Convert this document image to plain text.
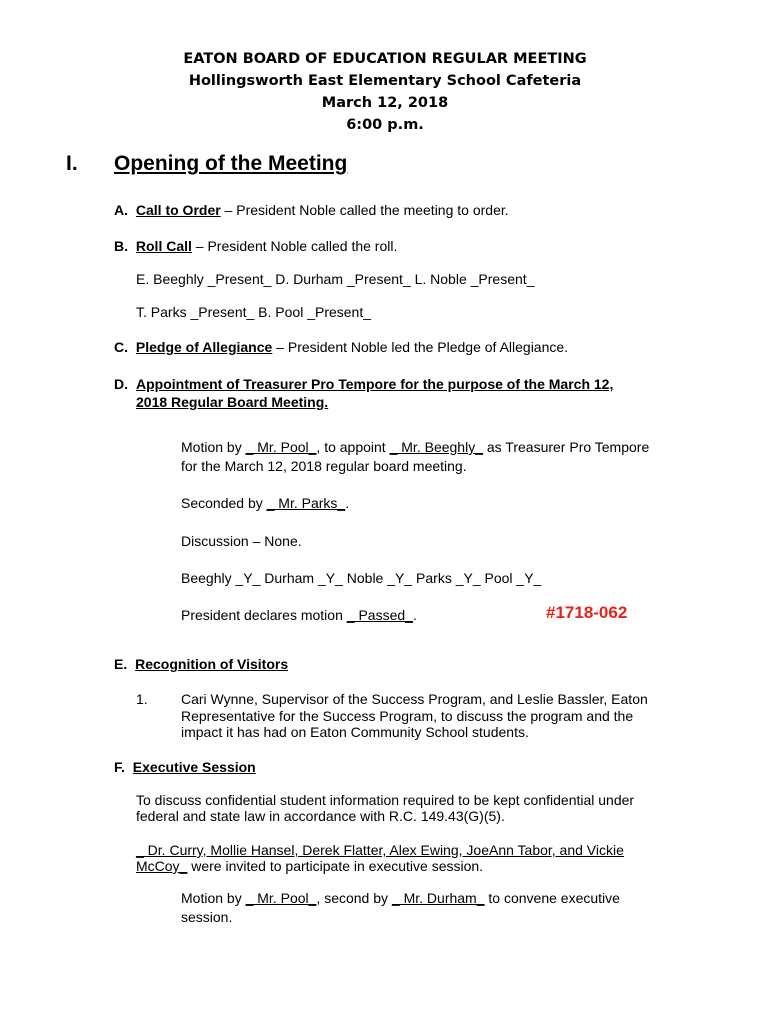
EATON BOARD OF EDUCATION REGULAR MEETING
Hollingsworth East Elementary School Cafeteria
March 12, 2018
6:00 p.m.
I. Opening of the Meeting
A. Call to Order – President Noble called the meeting to order.
B. Roll Call – President Noble called the roll.
E. Beeghly _Present_ D. Durham _Present_ L. Noble _Present_
T. Parks _Present_ B. Pool _Present_
C. Pledge of Allegiance – President Noble led the Pledge of Allegiance.
D. Appointment of Treasurer Pro Tempore for the purpose of the March 12,
2018 Regular Board Meeting.
Motion by _ Mr. Pool_, to appoint _ Mr. Beeghly_ as Treasurer Pro Tempore
for the March 12, 2018 regular board meeting.
Seconded by _ Mr. Parks_.
Discussion – None.
Beeghly _Y_ Durham _Y_ Noble _Y_ Parks _Y_ Pool _Y_
President declares motion _ Passed_.	#1718-062
E. Recognition of Visitors
1. Cari Wynne, Supervisor of the Success Program, and Leslie Bassler, Eaton
Representative for the Success Program, to discuss the program and the
impact it has had on Eaton Community School students.
F. Executive Session
To discuss confidential student information required to be kept confidential under
federal and state law in accordance with R.C. 149.43(G)(5).
_ Dr. Curry, Mollie Hansel, Derek Flatter, Alex Ewing, JoeAnn Tabor, and Vickie
McCoy_ were invited to participate in executive session.
Motion by _ Mr. Pool_, second by _ Mr. Durham_ to convene executive
session.
